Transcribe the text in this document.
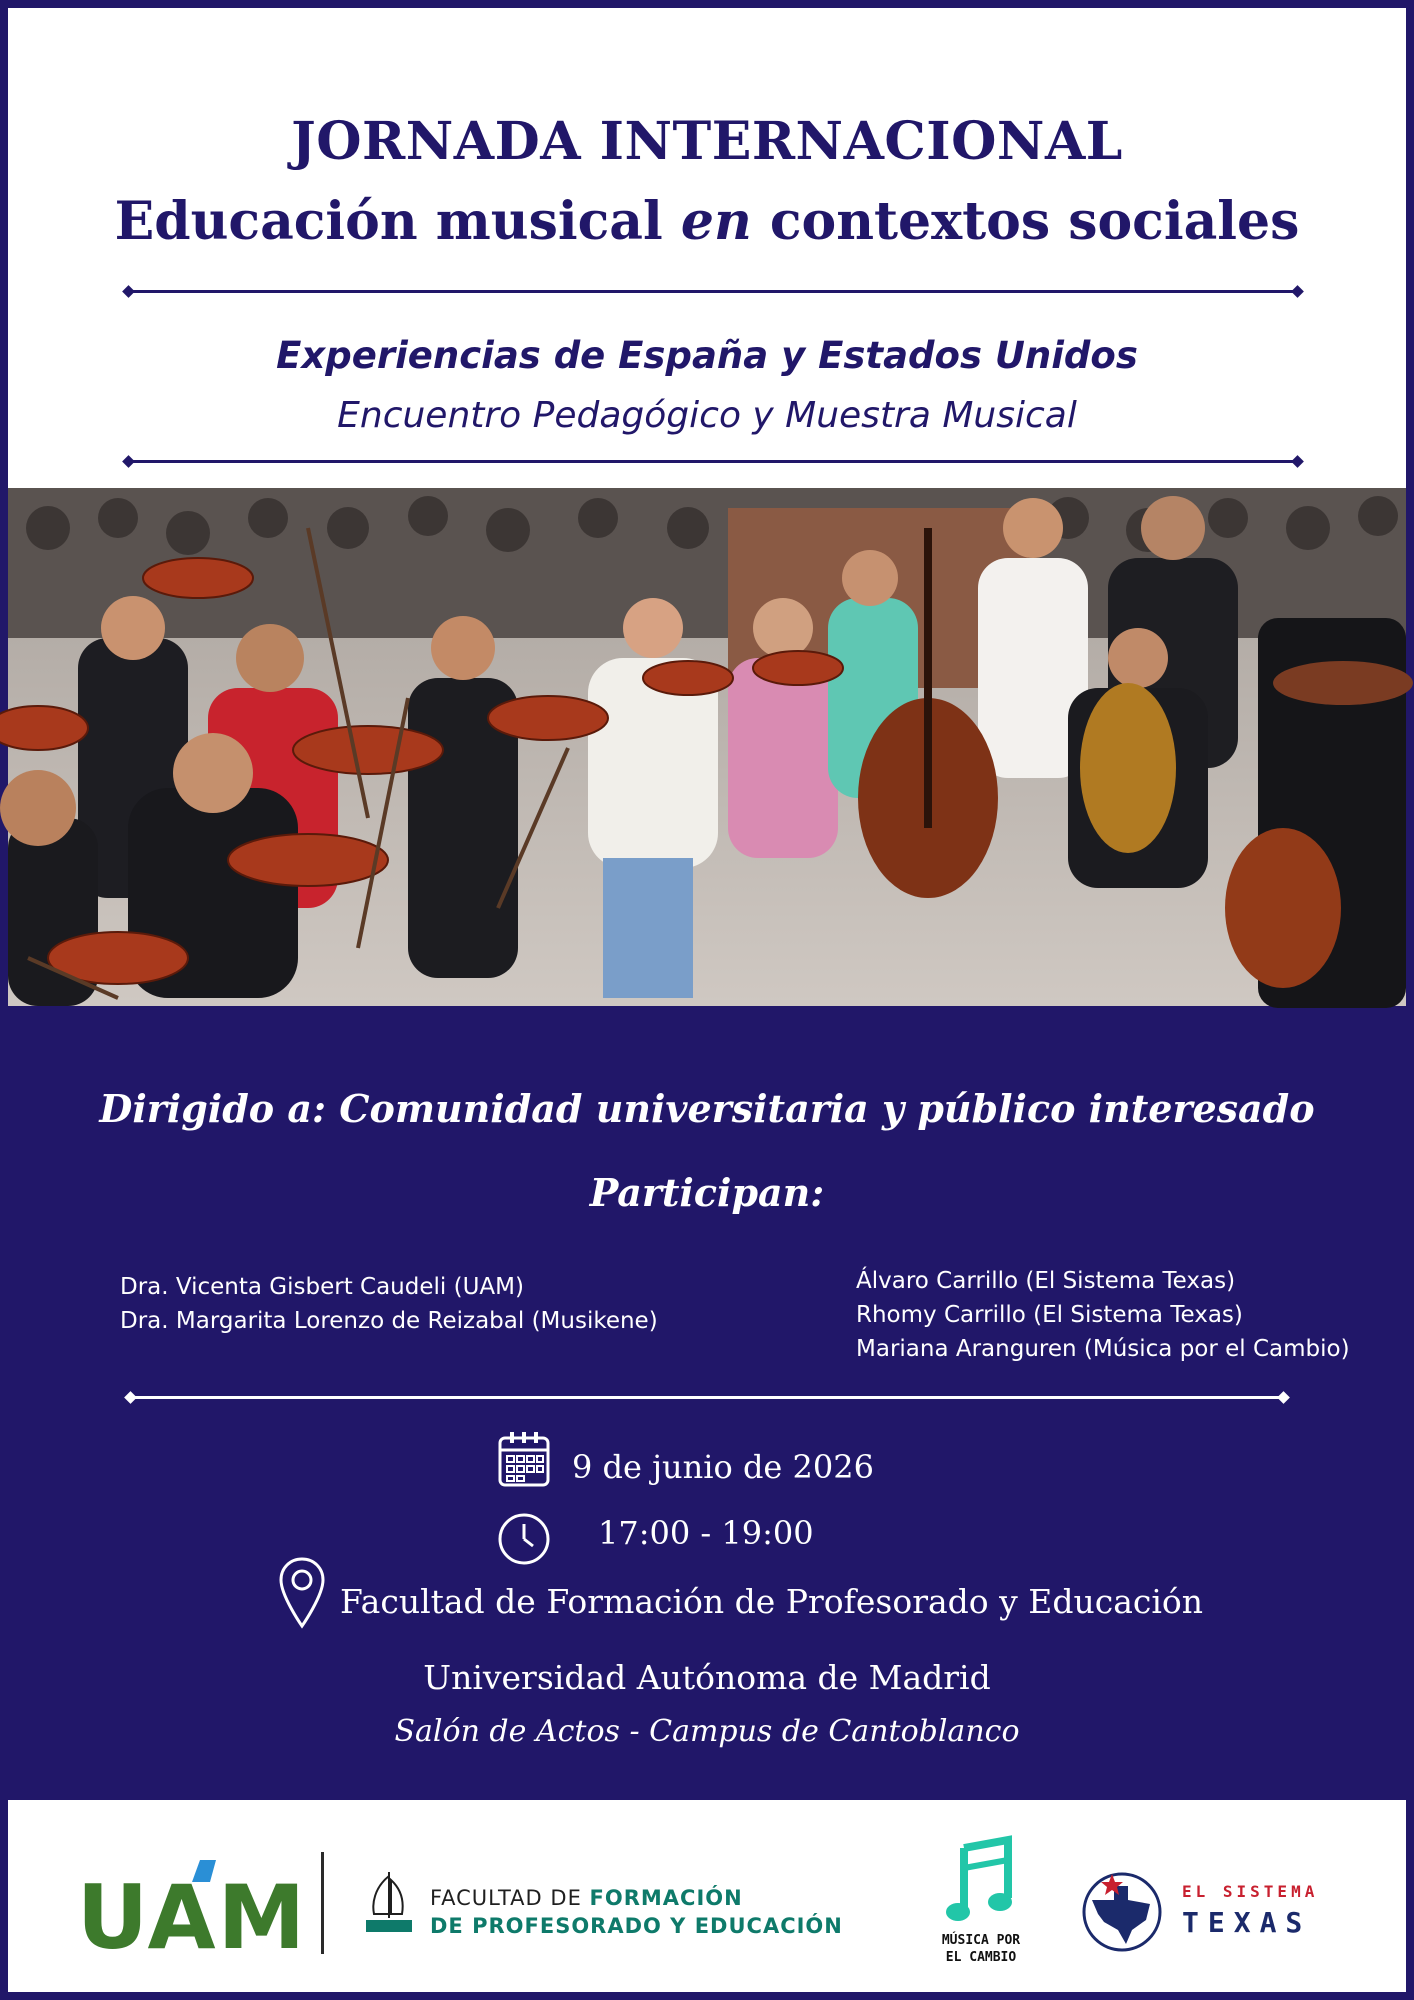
JORNADA INTERNACIONAL
Educación musical en contextos sociales
Experiencias de España y Estados Unidos
Encuentro Pedagógico y Muestra Musical
Dirigido a: Comunidad universitaria y público interesado
Participan:
Dra. Vicenta Gisbert Caudeli (UAM)
Dra. Margarita Lorenzo de Reizabal (Musikene)
Álvaro Carrillo (El Sistema Texas)
Rhomy Carrillo (El Sistema Texas)
Mariana Aranguren (Música por el Cambio)
9 de junio de 2026
17:00 - 19:00
Facultad de Formación de Profesorado y Educación
Universidad Autónoma de Madrid
Salón de Actos - Campus de Cantoblanco
UAM	FACULTAD DE FORMACIÓN
DE PROFESORADO Y EDUCACIÓN
MÚSICA POR
EL CAMBIO
EL SISTEMA
TEXAS
